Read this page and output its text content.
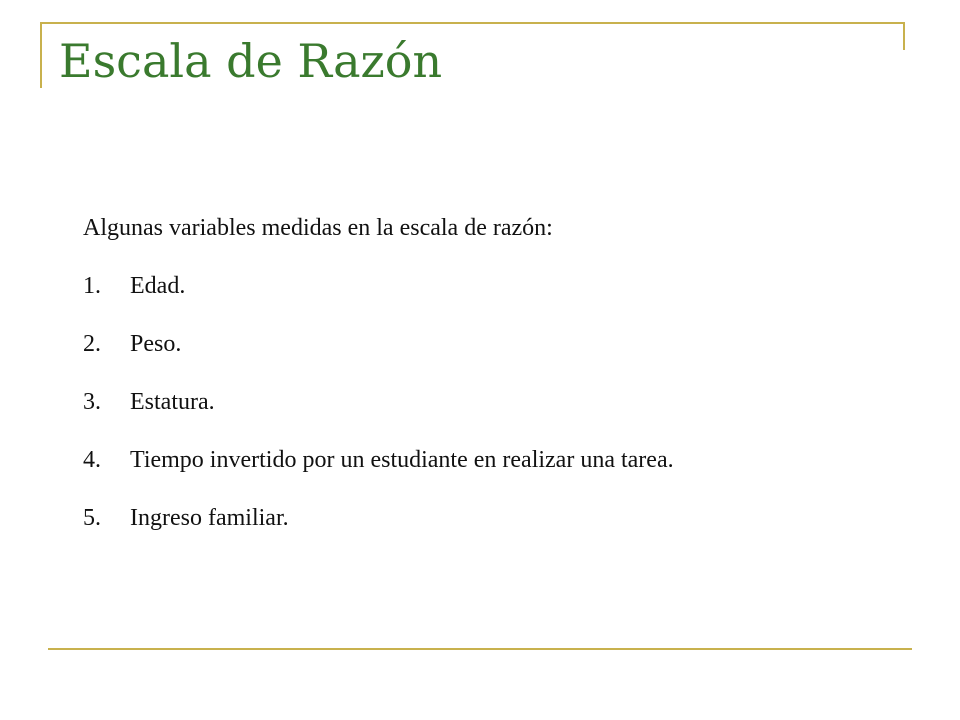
Escala de Razón

Algunas variables medidas en la escala de razón:

1.	Edad.
2.	Peso.
3.	Estatura.
4.	Tiempo invertido por un estudiante en realizar una tarea.
5.	Ingreso familiar.
